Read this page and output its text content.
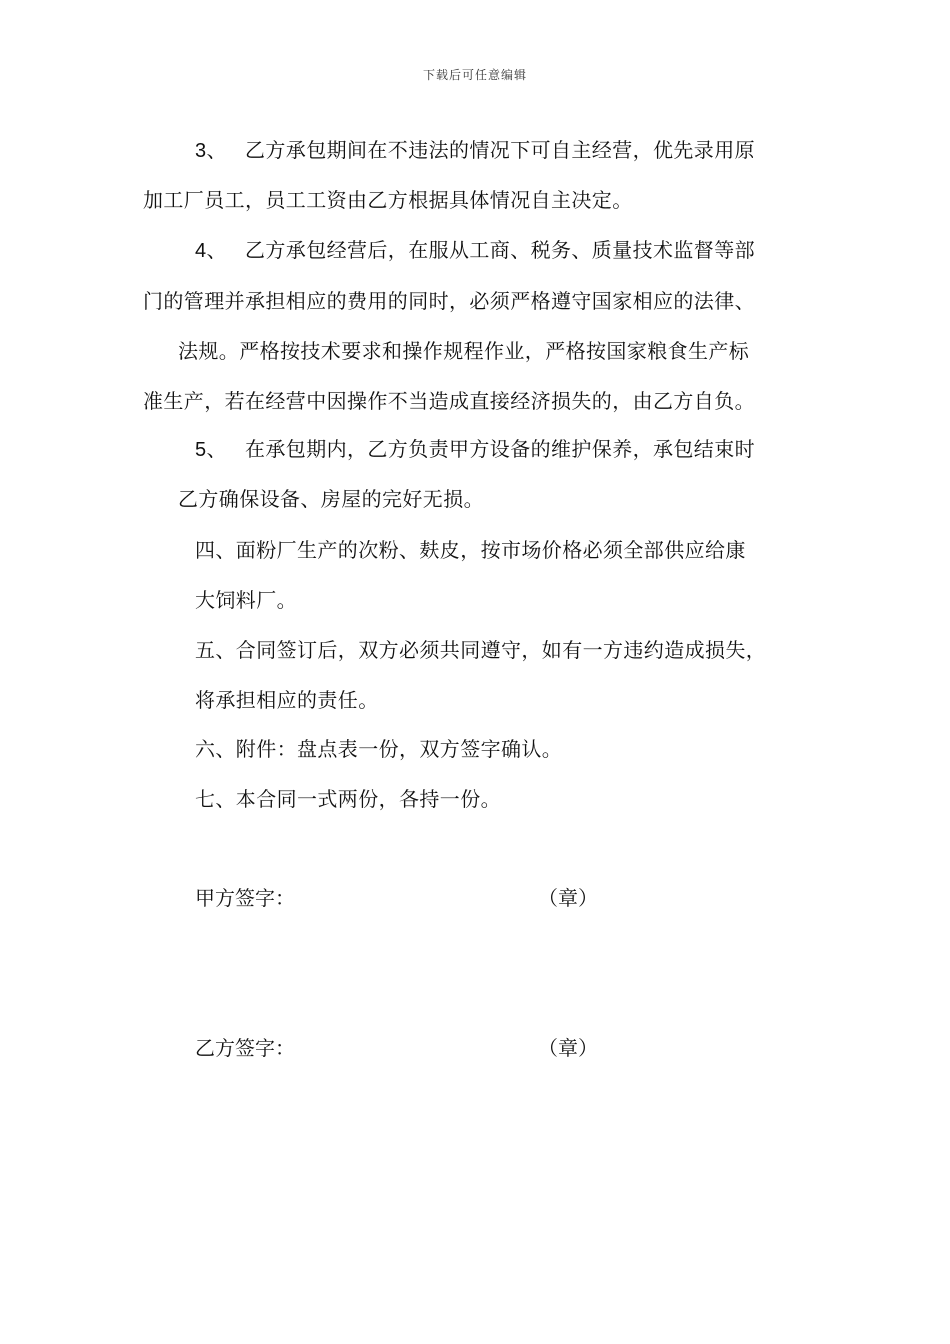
下载后可任意编辑
3、 乙方承包期间在不违法的情况下可自主经营，优先录用原
加工厂员工，员工工资由乙方根据具体情况自主决定。
4、 乙方承包经营后，在服从工商、税务、质量技术监督等部
门的管理并承担相应的费用的同时，必须严格遵守国家相应的法律、
法规。严格按技术要求和操作规程作业，严格按国家粮食生产标
准生产，若在经营中因操作不当造成直接经济损失的，由乙方自负。
5、 在承包期内，乙方负责甲方设备的维护保养，承包结束时
乙方确保设备、房屋的完好无损。
四、面粉厂生产的次粉、麸皮，按市场价格必须全部供应给康
大饲料厂。
五、合同签订后，双方必须共同遵守，如有一方违约造成损失，
将承担相应的责任。
六、附件：盘点表一份，双方签字确认。
七、本合同一式两份，各持一份。
甲方签字：	（章）
乙方签字：	（章）
